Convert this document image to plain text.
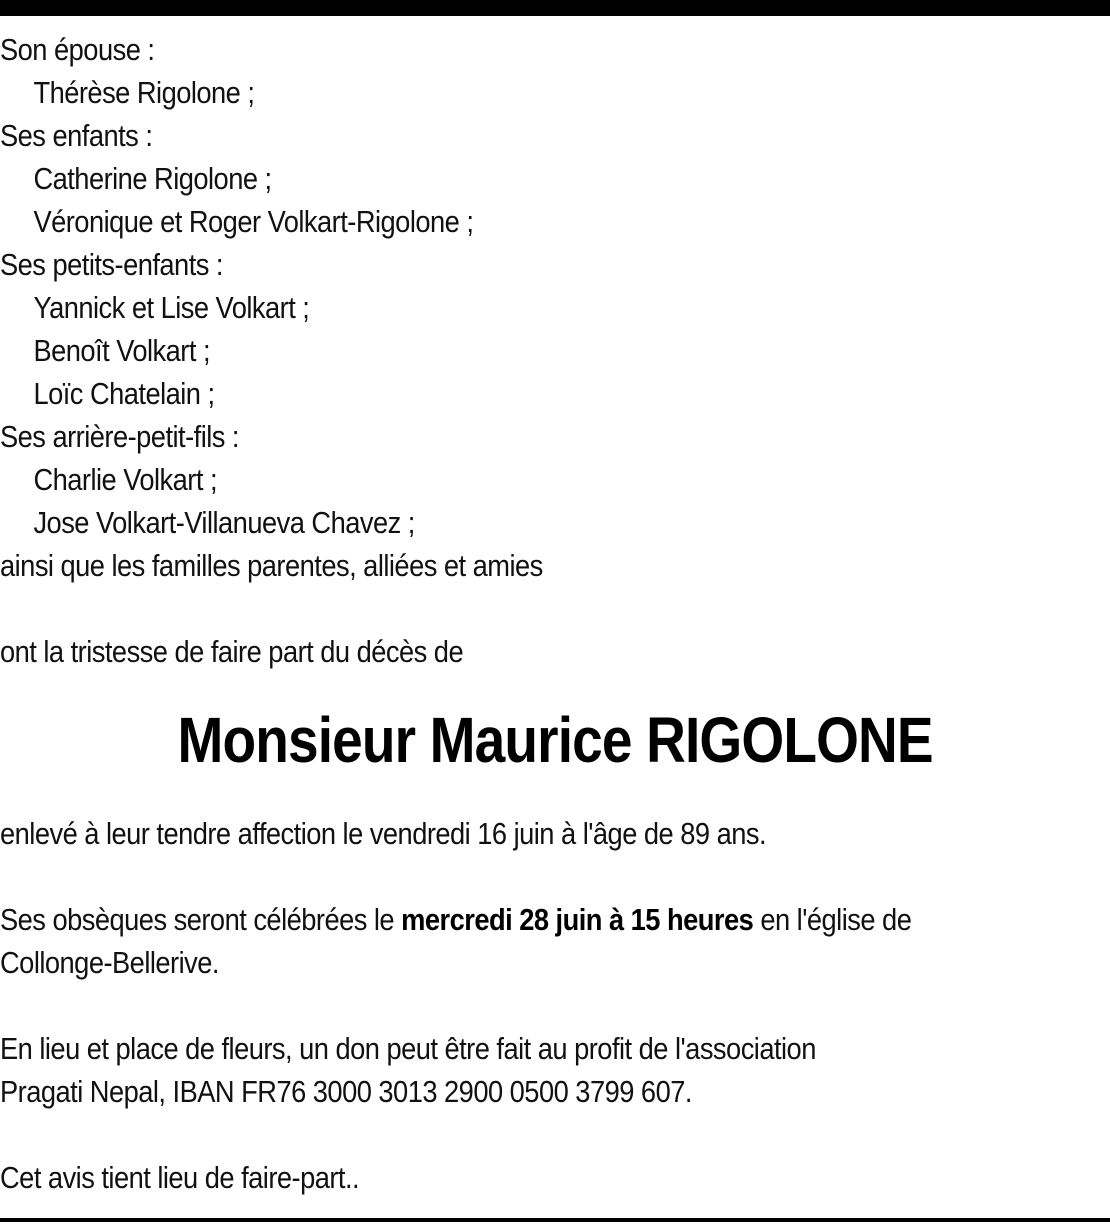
Son épouse :
Thérèse Rigolone ;
Ses enfants :
Catherine Rigolone ;
Véronique et Roger Volkart-Rigolone ;
Ses petits-enfants :
Yannick et Lise Volkart ;
Benoît Volkart ;
Loïc Chatelain ;
Ses arrière-petit-fils :
Charlie Volkart ;
Jose Volkart-Villanueva Chavez ;
ainsi que les familles parentes, alliées et amies
ont la tristesse de faire part du décès de
Monsieur Maurice RIGOLONE
enlevé à leur tendre affection le vendredi 16 juin à l'âge de 89 ans.
Ses obsèques seront célébrées le mercredi 28 juin à 15 heures en l'église de
Collonge-Bellerive.
En lieu et place de fleurs, un don peut être fait au profit de l'association
Pragati Nepal, IBAN FR76 3000 3013 2900 0500 3799 607.
Cet avis tient lieu de faire-part..
